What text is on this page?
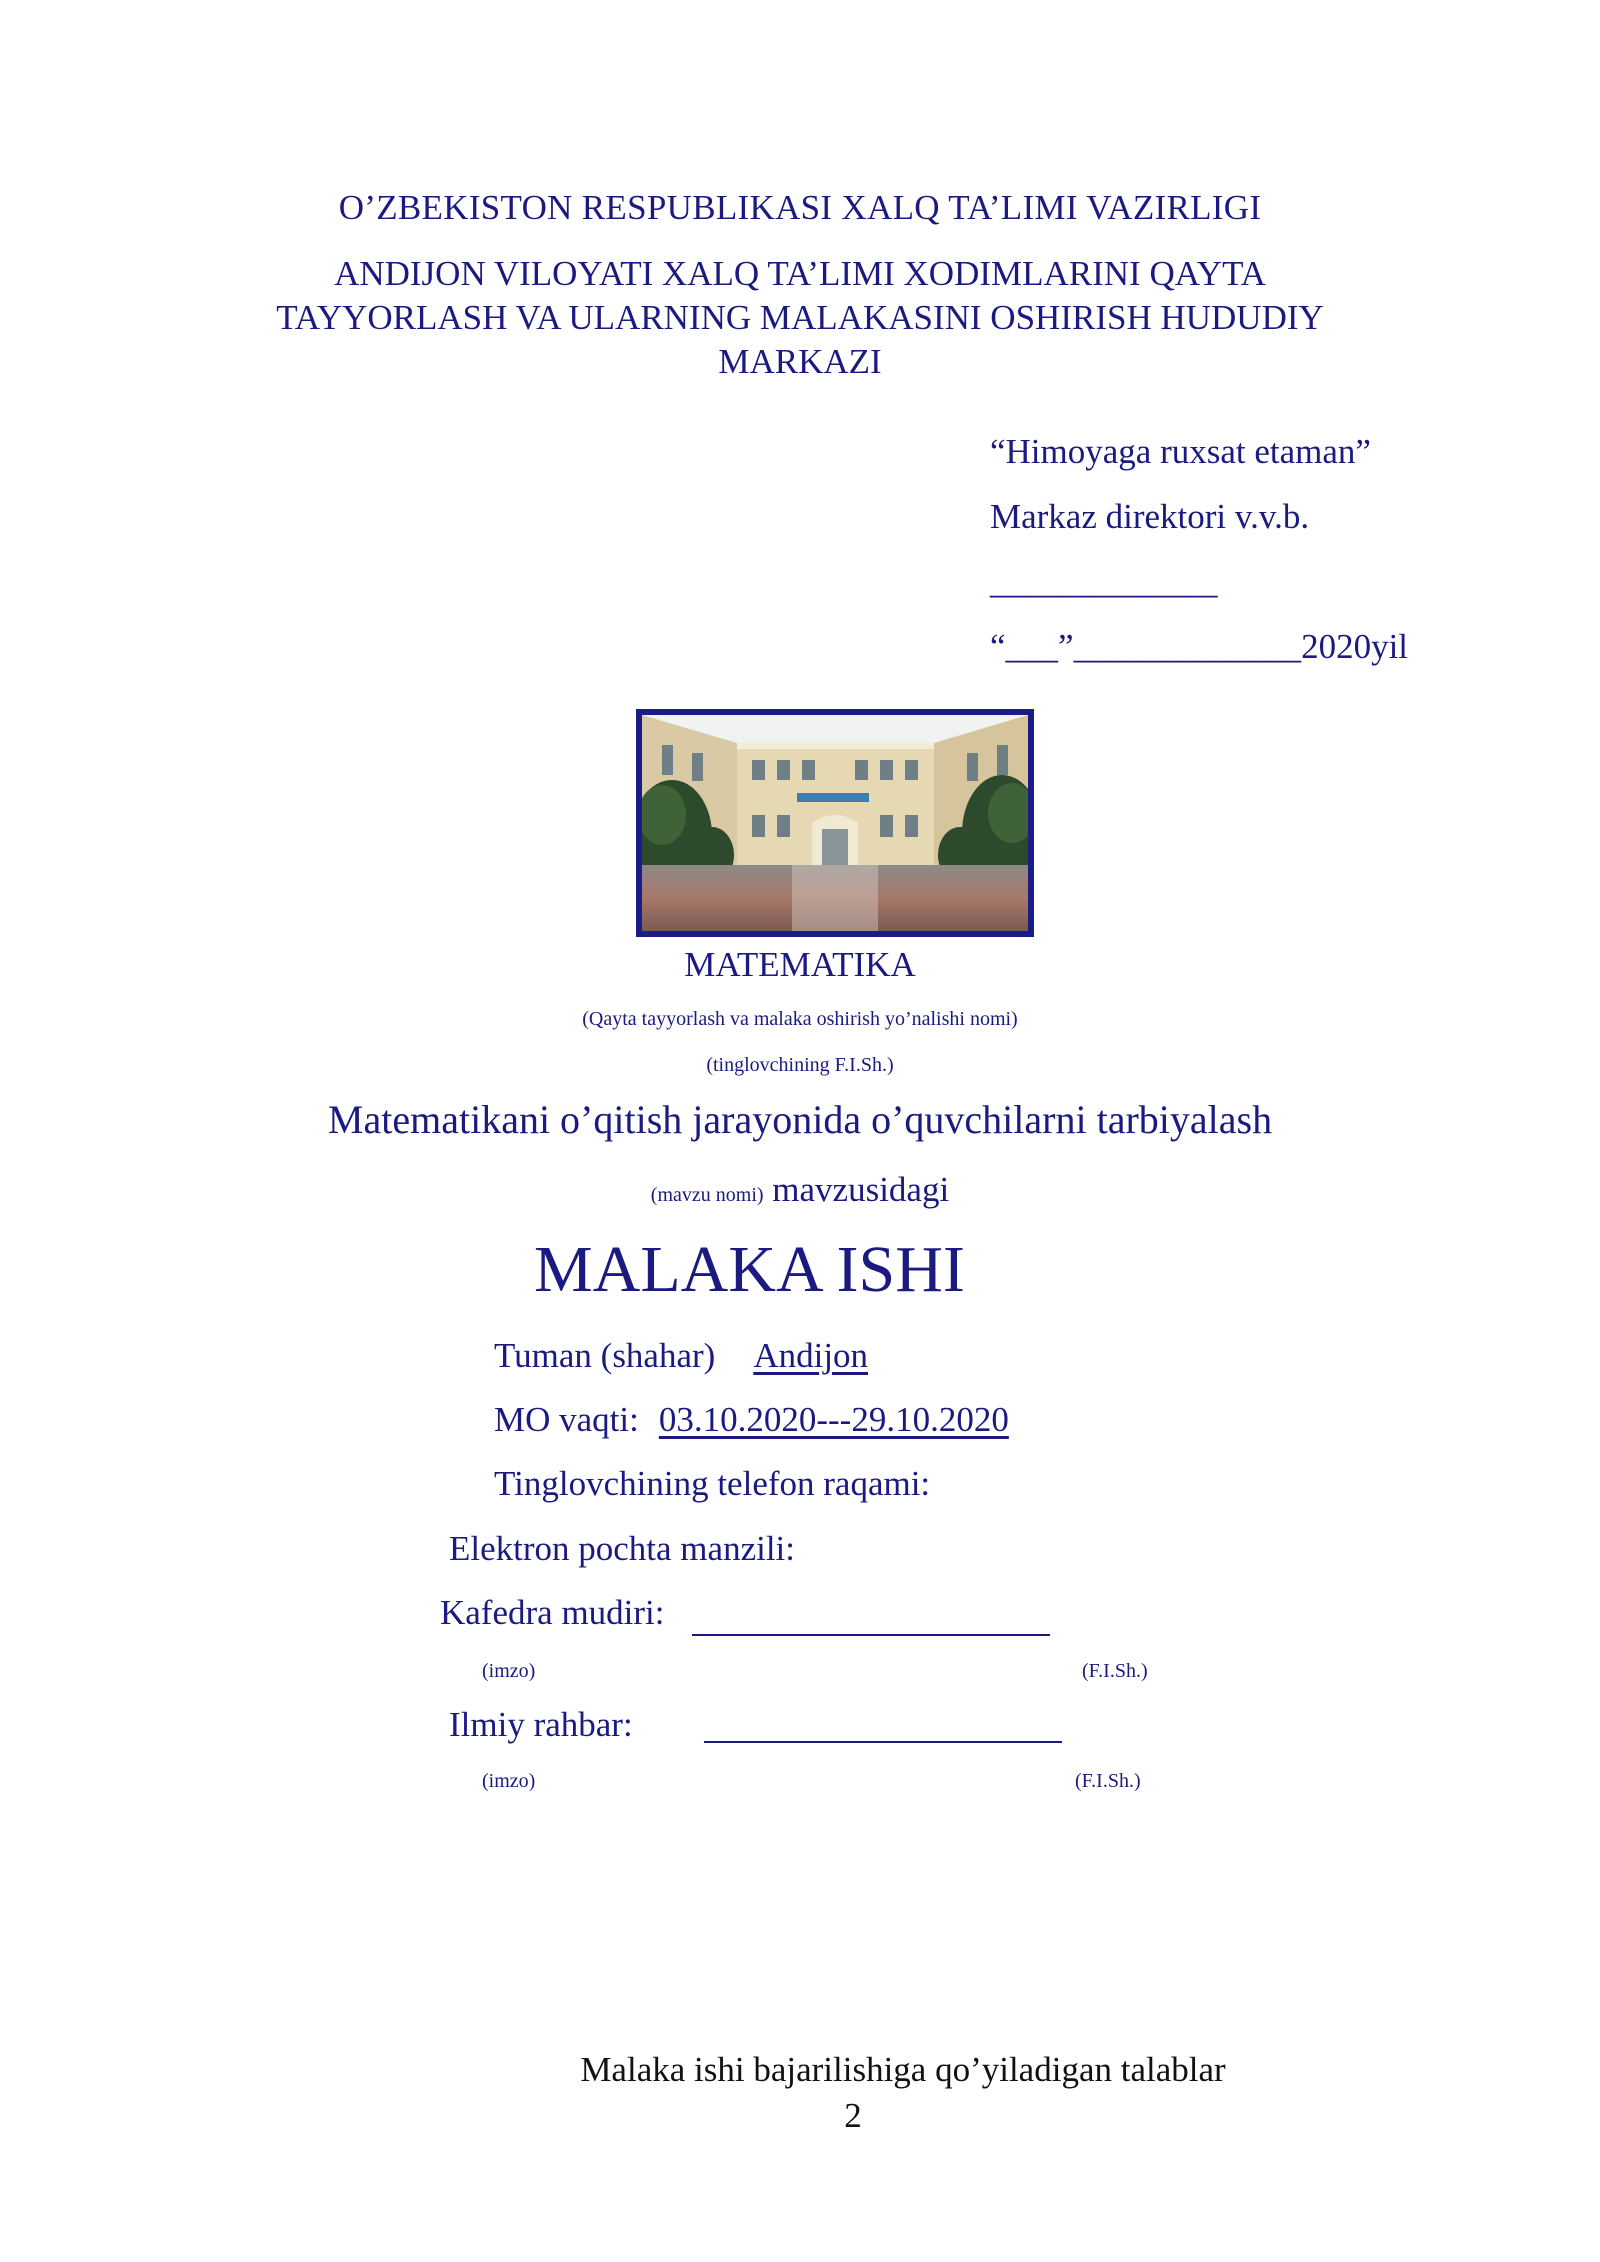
O’ZBEKISTON RESPUBLIKASI XALQ TA’LIMI VAZIRLIGI
ANDIJON VILOYATI XALQ TA’LIMI XODIMLARINI QAYTA
TAYYORLASH VA ULARNING MALAKASINI OSHIRISH HUDUDIY
MARKAZI
“Himoyaga ruxsat etaman”
Markaz direktori v.v.b.
_____________
“___”_____________2020yil
MATEMATIKA
(Qayta tayyorlash va malaka oshirish yo’nalishi nomi)
(tinglovchining F.I.Sh.)
Matematikani o’qitish jarayonida o’quvchilarni tarbiyalash
(mavzu nomi) mavzusidagi
MALAKA ISHI
Tuman (shahar) Andijon
MO vaqti: 03.10.2020---29.10.2020
Tinglovchining telefon raqami:
Elektron pochta manzili:
Kafedra mudiri:
(imzo)	(F.I.Sh.)
Ilmiy rahbar:
(imzo)	(F.I.Sh.)
Malaka ishi bajarilishiga qo’yiladigan talablar
2
